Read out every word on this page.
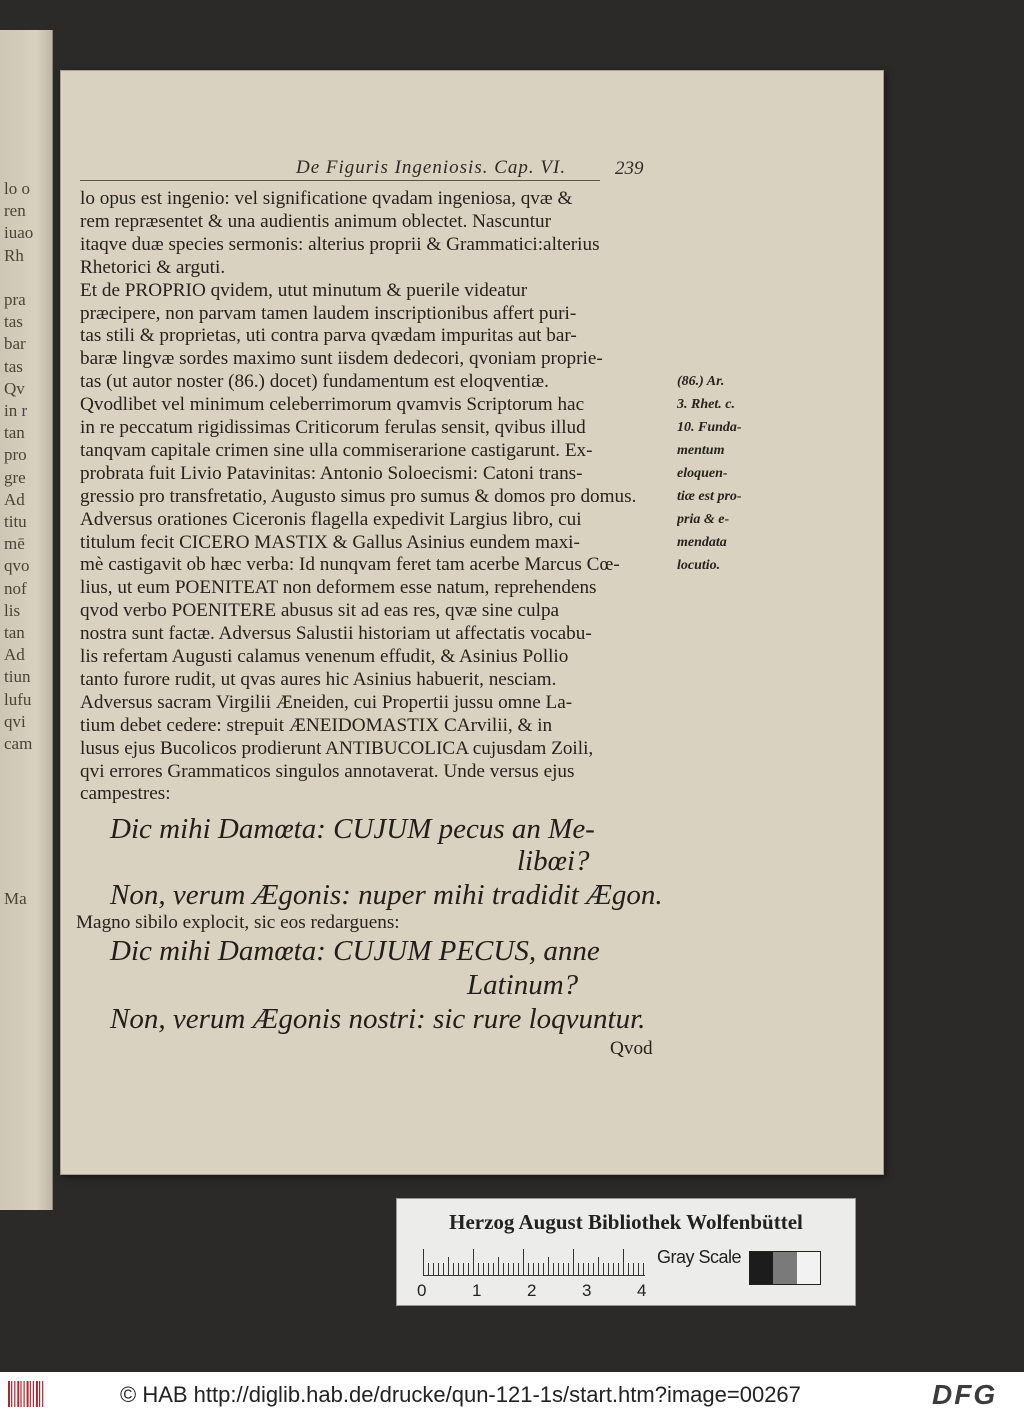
lo o
ren
iuao
Rh
pra
tas
bar
tas
Qv
in r
tan
pro
gre
Ad
titu
mē
qvo
nof
lis
tan
Ad
tiun
lufu
qvi
cam
Ma
De Figuris Ingeniosis. Cap. VI.	239
lo opus est ingenio: vel significatione qvadam ingeniosa, qvæ &
rem repræsentet & una audientis animum oblectet. Nascuntur
itaqve duæ species sermonis: alterius proprii & Grammatici:alterius
Rhetorici & arguti.
Et de PROPRIO qvidem, utut minutum & puerile videatur
præcipere, non parvam tamen laudem inscriptionibus affert puri-
tas stili & proprietas, uti contra parva qvædam impuritas aut bar-
baræ lingvæ sordes maximo sunt iisdem dedecori, qvoniam proprie-
tas (ut autor noster (86.) docet) fundamentum est eloqventiæ.
Qvodlibet vel minimum celeberrimorum qvamvis Scriptorum hac
in re peccatum rigidissimas Criticorum ferulas sensit, qvibus illud
tanqvam capitale crimen sine ulla commiserarione castigarunt. Ex-
probrata fuit Livio Patavinitas: Antonio Soloecismi: Catoni trans-
gressio pro transfretatio, Augusto simus pro sumus & domos pro domus.
Adversus orationes Ciceronis flagella expedivit Largius libro, cui
titulum fecit CICERO MASTIX & Gallus Asinius eundem maxi-
mè castigavit ob hæc verba: Id nunqvam feret tam acerbe Marcus Cœ-
lius, ut eum POENITEAT non deformem esse natum, reprehendens
qvod verbo POENITERE abusus sit ad eas res, qvæ sine culpa
nostra sunt factæ. Adversus Salustii historiam ut affectatis vocabu-
lis refertam Augusti calamus venenum effudit, & Asinius Pollio
tanto furore rudit, ut qvas aures hic Asinius habuerit, nesciam.
Adversus sacram Virgilii Æneiden, cui Propertii jussu omne La-
tium debet cedere: strepuit ÆNEIDOMASTIX CArvilii, & in
lusus ejus Bucolicos prodierunt ANTIBUCOLICA cujusdam Zoili,
qvi errores Grammaticos singulos annotaverat. Unde versus ejus
campestres:
(86.) Ar.
3. Rhet. c.
10. Funda-
mentum
eloquen-
tiæ est pro-
pria & e-
mendata
locutio.
Dic mihi Damœta: CUJUM pecus an Me-
libœi?
Non, verum Ægonis: nuper mihi tradidit Ægon.
Magno sibilo explocit, sic eos redarguens:
Dic mihi Damœta: CUJUM PECUS, anne
Latinum?
Non, verum Ægonis nostri: sic rure loqvuntur.
Qvod
Herzog August Bibliothek Wolfenbüttel
0	1	2	3	4
Gray Scale
© HAB http://diglib.hab.de/drucke/qun-121-1s/start.htm?image=00267	DFG
